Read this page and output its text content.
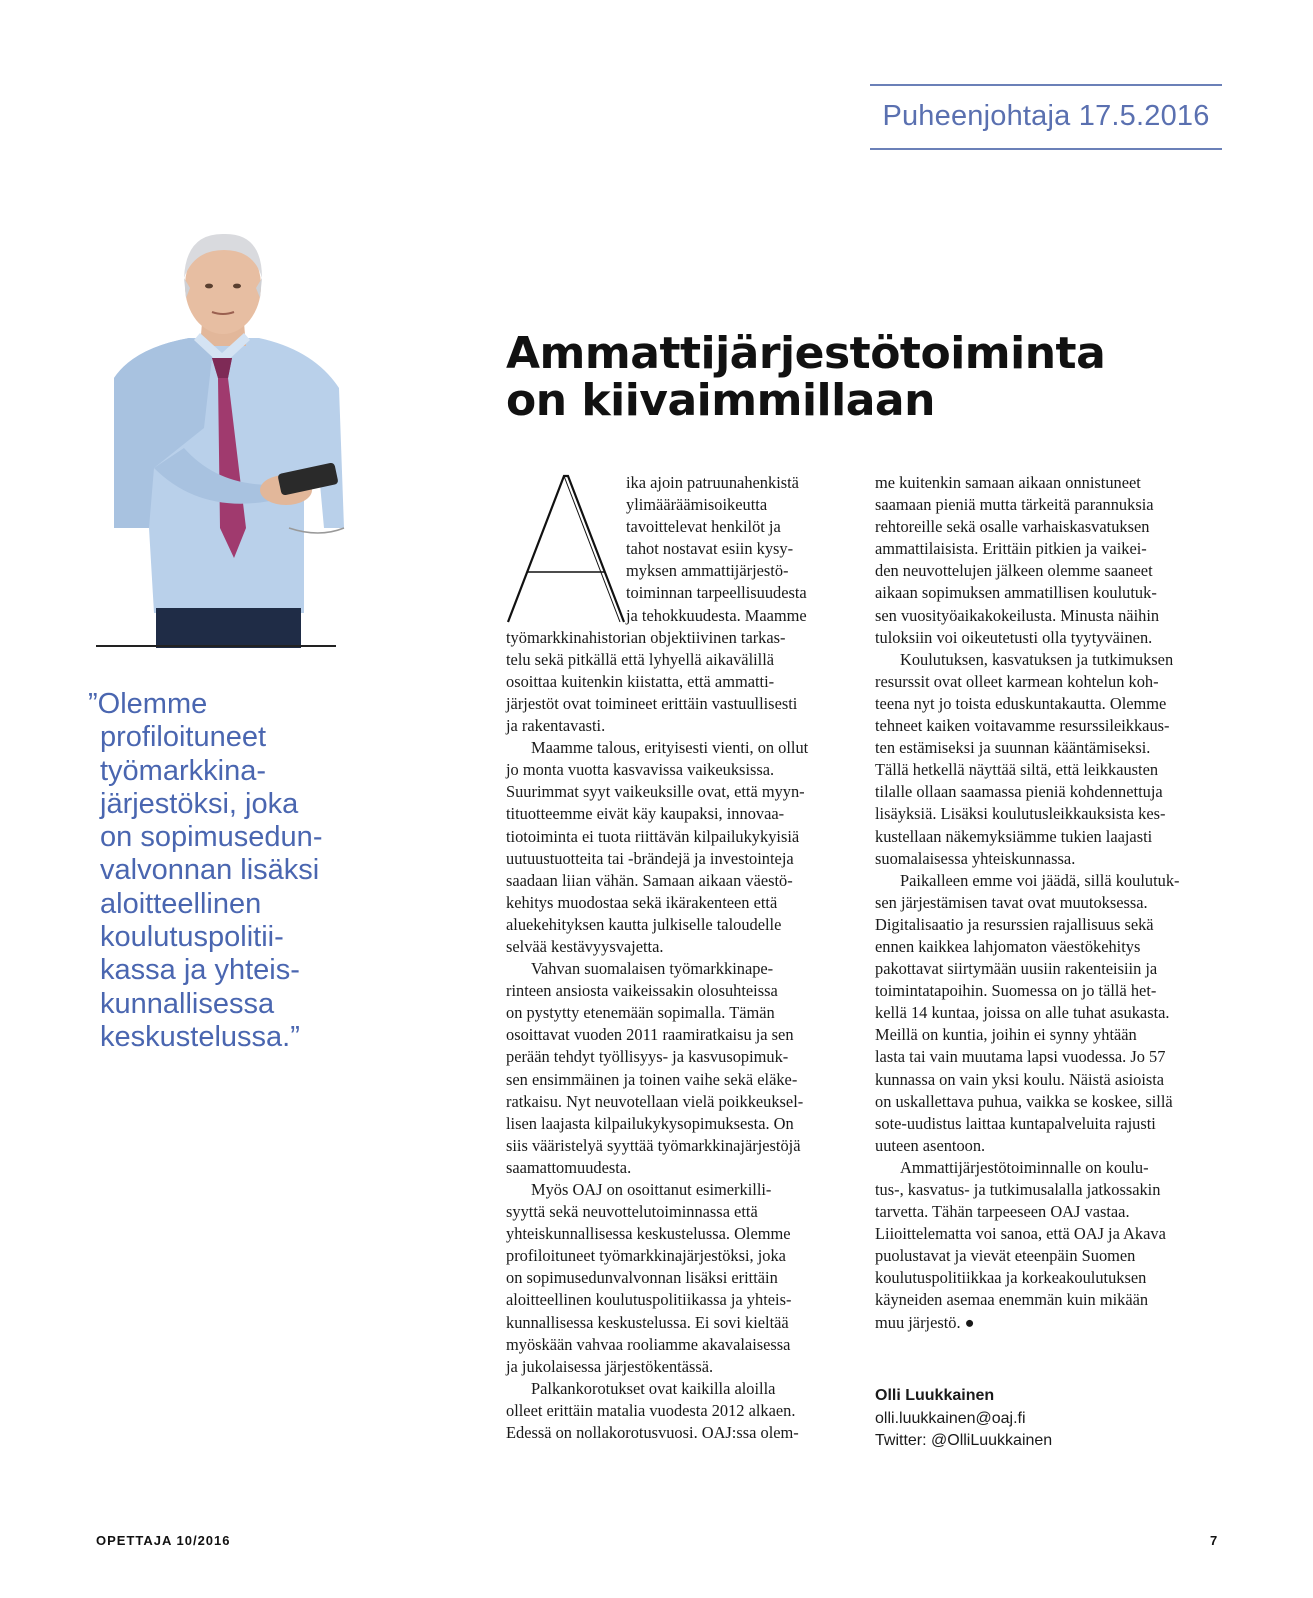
Puheenjohtaja 17.5.2016
”Olemme
profiloituneet
työmarkkina-
järjestöksi, joka
on sopimusedun-
valvonnan lisäksi
aloitteellinen
koulutuspolitii-
kassa ja yhteis-
kunnallisessa
keskustelussa.”
Ammattijärjestötoiminta
on kiivaimmillaan
ika ajoin patruunahenkistä
ylimääräämisoikeutta
tavoittelevat henkilöt ja
tahot nostavat esiin kysy-
myksen ammattijärjestö-
toiminnan tarpeellisuudesta
ja tehokkuudesta. Maamme
työmarkkinahistorian objektiivinen tarkas-
telu sekä pitkällä että lyhyellä aikavälillä
osoittaa kuitenkin kiistatta, että ammatti-
järjestöt ovat toimineet erittäin vastuullisesti
ja rakentavasti.
Maamme talous, erityisesti vienti, on ollut
jo monta vuotta kasvavissa vaikeuksissa.
Suurimmat syyt vaikeuksille ovat, että myyn-
tituotteemme eivät käy kaupaksi, innovaa-
tiotoiminta ei tuota riittävän kilpailukykyisiä
uutuustuotteita tai -brändejä ja investointeja
saadaan liian vähän. Samaan aikaan väestö-
kehitys muodostaa sekä ikärakenteen että
aluekehityksen kautta julkiselle taloudelle
selvää kestävyysvajetta.
Vahvan suomalaisen työmarkkinape-
rinteen ansiosta vaikeissakin olosuhteissa
on pystytty etenemään sopimalla. Tämän
osoittavat vuoden 2011 raamiratkaisu ja sen
perään tehdyt työllisyys- ja kasvusopimuk-
sen ensimmäinen ja toinen vaihe sekä eläke-
ratkaisu. Nyt neuvotellaan vielä poikkeuksel-
lisen laajasta kilpailukykysopimuksesta. On
siis vääristelyä syyttää työmarkkinajärjestöjä
saamattomuudesta.
Myös OAJ on osoittanut esimerkilli-
syyttä sekä neuvottelutoiminnassa että
yhteiskunnallisessa keskustelussa. Olemme
profiloituneet työmarkkinajärjestöksi, joka
on sopimusedunvalvonnan lisäksi erittäin
aloitteellinen koulutuspolitiikassa ja yhteis-
kunnallisessa keskustelussa. Ei sovi kieltää
myöskään vahvaa rooliamme akavalaisessa
ja jukolaisessa järjestökentässä.
Palkankorotukset ovat kaikilla aloilla
olleet erittäin matalia vuodesta 2012 alkaen.
Edessä on nollakorotusvuosi. OAJ:ssa olem-
me kuitenkin samaan aikaan onnistuneet
saamaan pieniä mutta tärkeitä parannuksia
rehtoreille sekä osalle varhaiskasvatuksen
ammattilaisista. Erittäin pitkien ja vaikei-
den neuvottelujen jälkeen olemme saaneet
aikaan sopimuksen ammatillisen koulutuk-
sen vuosityöaikakokeilusta. Minusta näihin
tuloksiin voi oikeutetusti olla tyytyväinen.
Koulutuksen, kasvatuksen ja tutkimuksen
resurssit ovat olleet karmean kohtelun koh-
teena nyt jo toista eduskuntakautta. Olemme
tehneet kaiken voitavamme resurssileikkaus-
ten estämiseksi ja suunnan kääntämiseksi.
Tällä hetkellä näyttää siltä, että leikkausten
tilalle ollaan saamassa pieniä kohdennettuja
lisäyksiä. Lisäksi koulutusleikkauksista kes-
kustellaan näkemyksiämme tukien laajasti
suomalaisessa yhteiskunnassa.
Paikalleen emme voi jäädä, sillä koulutuk-
sen järjestämisen tavat ovat muutoksessa.
Digitalisaatio ja resurssien rajallisuus sekä
ennen kaikkea lahjomaton väestökehitys
pakottavat siirtymään uusiin rakenteisiin ja
toimintatapoihin. Suomessa on jo tällä het-
kellä 14 kuntaa, joissa on alle tuhat asukasta.
Meillä on kuntia, joihin ei synny yhtään
lasta tai vain muutama lapsi vuodessa. Jo 57
kunnassa on vain yksi koulu. Näistä asioista
on uskallettava puhua, vaikka se koskee, sillä
sote-uudistus laittaa kuntapalveluita rajusti
uuteen asentoon.
Ammattijärjestötoiminnalle on koulu-
tus-, kasvatus- ja tutkimusalalla jatkossakin
tarvetta. Tähän tarpeeseen OAJ vastaa.
Liioittelematta voi sanoa, että OAJ ja Akava
puolustavat ja vievät eteenpäin Suomen
koulutuspolitiikkaa ja korkeakoulutuksen
käyneiden asemaa enemmän kuin mikään
muu järjestö. ●
Olli Luukkainen
olli.luukkainen@oaj.fi
Twitter: @OlliLuukkainen
OPETTAJA 10/2016	7
